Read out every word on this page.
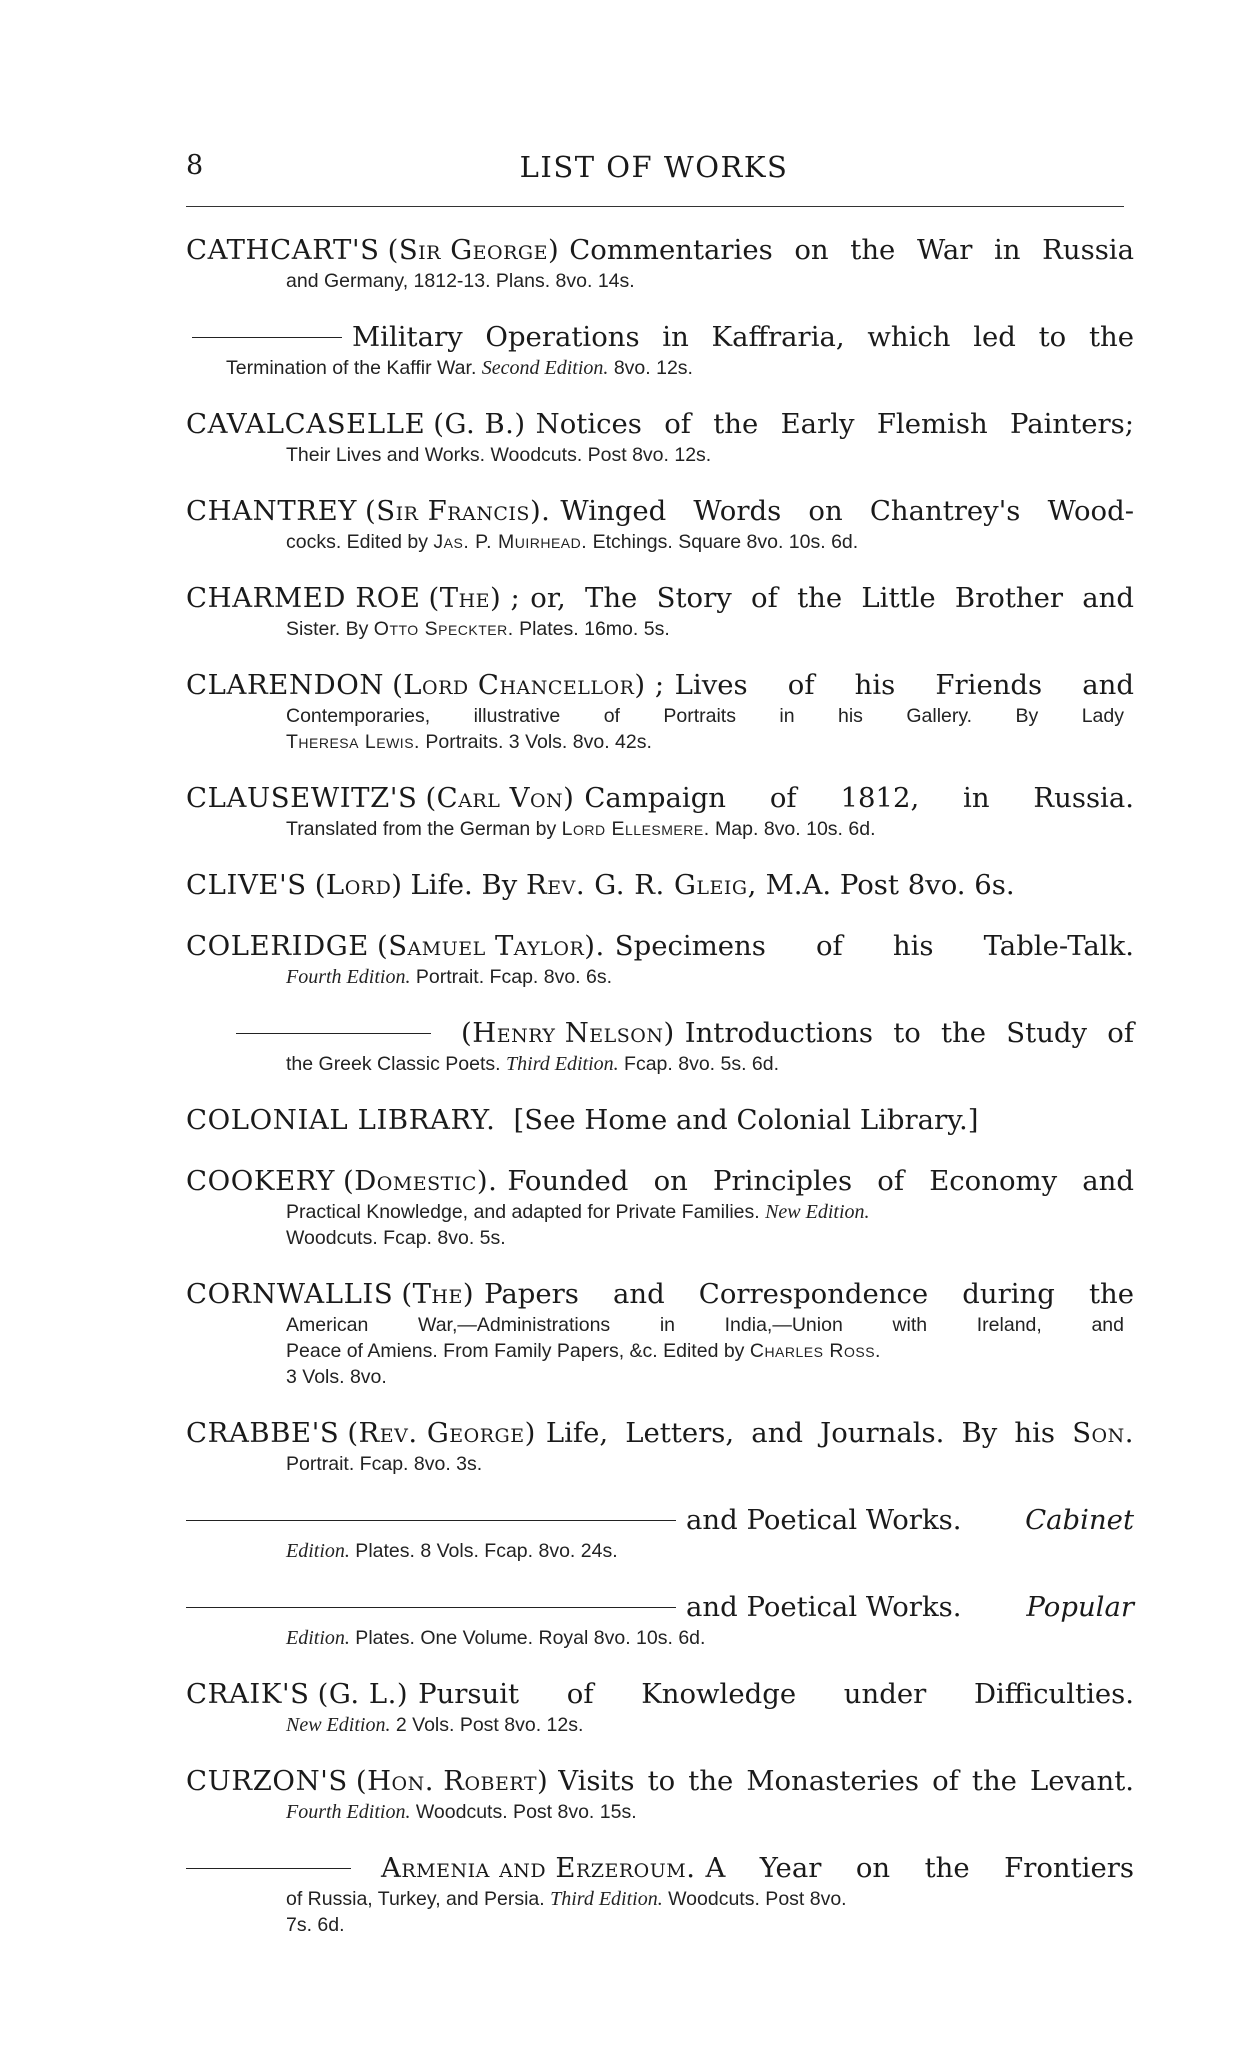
8	LIST OF WORKS
CATHCART'S (Sir George) Commentaries on the War in Russia
and Germany, 1812-13. Plans. 8vo. 14s.
Military Operations in Kaffraria, which led to the
Termination of the Kaffir War. Second Edition. 8vo. 12s.
CAVALCASELLE (G. B.) Notices of the Early Flemish Painters;
Their Lives and Works. Woodcuts. Post 8vo. 12s.
CHANTREY (Sir Francis). Winged Words on Chantrey's Wood-
cocks. Edited by Jas. P. Muirhead. Etchings. Square 8vo. 10s. 6d.
CHARMED ROE (The) ; or, The Story of the Little Brother and
Sister. By Otto Speckter. Plates. 16mo. 5s.
CLARENDON (Lord Chancellor) ; Lives of his Friends and
Contemporaries, illustrative of Portraits in his Gallery. By Lady
Theresa Lewis. Portraits. 3 Vols. 8vo. 42s.
CLAUSEWITZ'S (Carl Von) Campaign of 1812, in Russia.
Translated from the German by Lord Ellesmere. Map. 8vo. 10s. 6d.
CLIVE'S (Lord) Life. By Rev. G. R. Gleig, M.A. Post 8vo. 6s.
COLERIDGE (Samuel Taylor). Specimens of his Table-Talk.
Fourth Edition. Portrait. Fcap. 8vo. 6s.
(Henry Nelson) Introductions to the Study of
the Greek Classic Poets. Third Edition. Fcap. 8vo. 5s. 6d.
COLONIAL LIBRARY. [See Home and Colonial Library.]
COOKERY (Domestic). Founded on Principles of Economy and
Practical Knowledge, and adapted for Private Families. New Edition.
Woodcuts. Fcap. 8vo. 5s.
CORNWALLIS (The) Papers and Correspondence during the
American War,—Administrations in India,—Union with Ireland, and
Peace of Amiens. From Family Papers, &c. Edited by Charles Ross.
3 Vols. 8vo.
CRABBE'S (Rev. George) Life, Letters, and Journals. By his Son.
Portrait. Fcap. 8vo. 3s.
and Poetical Works.	Cabinet
Edition. Plates. 8 Vols. Fcap. 8vo. 24s.
and Poetical Works.	Popular
Edition. Plates. One Volume. Royal 8vo. 10s. 6d.
CRAIK'S (G. L.) Pursuit of Knowledge under Difficulties.
New Edition. 2 Vols. Post 8vo. 12s.
CURZON'S (Hon. Robert) Visits to the Monasteries of the Levant.
Fourth Edition. Woodcuts. Post 8vo. 15s.
Armenia and Erzeroum. A Year on the Frontiers
of Russia, Turkey, and Persia. Third Edition. Woodcuts. Post 8vo.
7s. 6d.
